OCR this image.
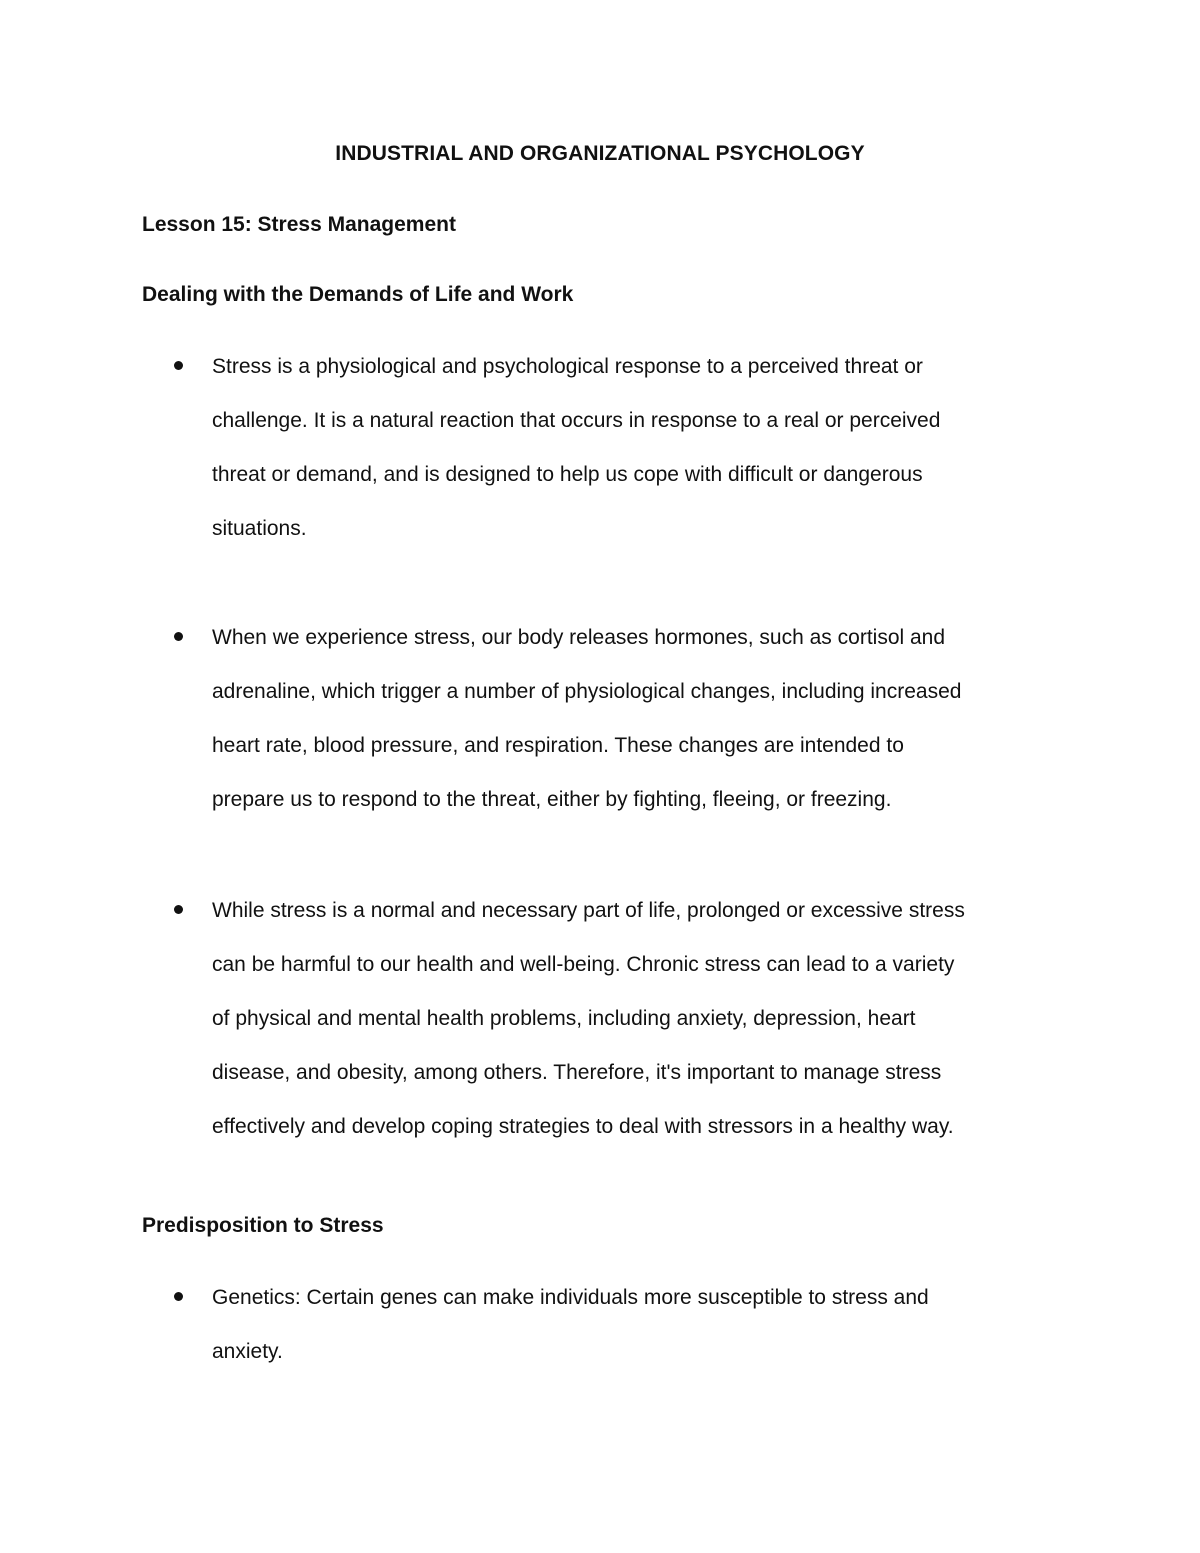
INDUSTRIAL AND ORGANIZATIONAL PSYCHOLOGY
Lesson 15: Stress Management
Dealing with the Demands of Life and Work
Stress is a physiological and psychological response to a perceived threat or
challenge. It is a natural reaction that occurs in response to a real or perceived
threat or demand, and is designed to help us cope with difficult or dangerous
situations.
When we experience stress, our body releases hormones, such as cortisol and
adrenaline, which trigger a number of physiological changes, including increased
heart rate, blood pressure, and respiration. These changes are intended to
prepare us to respond to the threat, either by fighting, fleeing, or freezing.
While stress is a normal and necessary part of life, prolonged or excessive stress
can be harmful to our health and well-being. Chronic stress can lead to a variety
of physical and mental health problems, including anxiety, depression, heart
disease, and obesity, among others. Therefore, it's important to manage stress
effectively and develop coping strategies to deal with stressors in a healthy way.
Predisposition to Stress
Genetics: Certain genes can make individuals more susceptible to stress and
anxiety.
